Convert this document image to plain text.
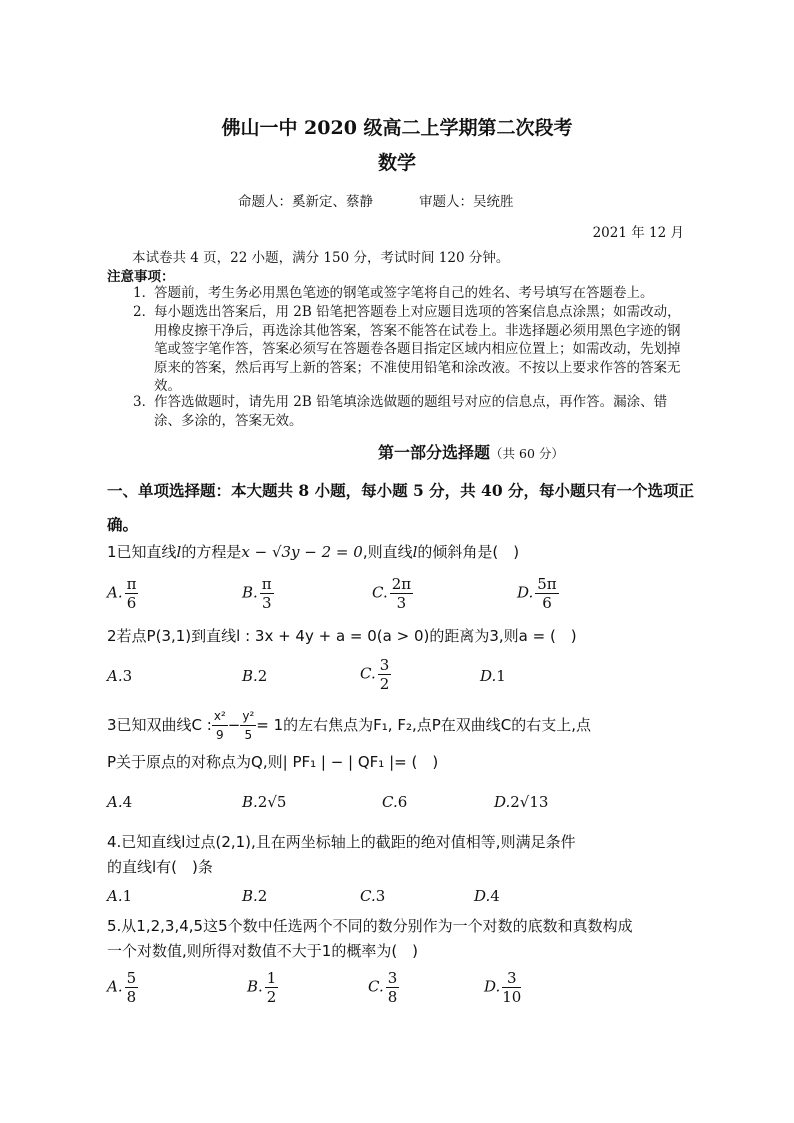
佛山一中 2020 级高二上学期第二次段考
数学
命题人：奚新定、蔡静	审题人：吴统胜
2021 年 12 月
本试卷共 4 页，22 小题，满分 150 分，考试时间 120 分钟。
注意事项：
1．
答题前，考生务必用黑色笔迹的钢笔或签字笔将自己的姓名、考号填写在答题卷上。
2．
每小题选出答案后，用 2B 铅笔把答题卷上对应题目选项的答案信息点涂黑；如需改动，用橡皮擦干净后，再选涂其他答案，答案不能答在试卷上。非选择题必须用黑色字迹的钢笔或签字笔作答，答案必须写在答题卷各题目指定区域内相应位置上；如需改动，先划掉原来的答案，然后再写上新的答案；不准使用铅笔和涂改液。不按以上要求作答的答案无效。
3．
作答选做题时，请先用 2B 铅笔填涂选做题的题组号对应的信息点，再作答。漏涂、错涂、多涂的，答案无效。
第一部分选择题（共 60 分）
一、单项选择题：本大题共 8 小题，每小题 5 分，共 40 分，每小题只有一个选项正确。
1已知直线l的方程是x − √3y − 2 = 0,则直线l的倾斜角是(　)
A. $\frac{\pi}{6}$	B. $\frac{\pi}{3}$	C. $\frac{2\pi}{3}$	D. $\frac{5\pi}{6}$
2若点P(3,1)到直线l : 3x + 4y + a = 0(a > 0)的距离为3,则a = (　)
A.3	B.2	C. $\frac{3}{2}$	D.1
3已知双曲线C : $\frac{\text{x²}}{9} - \frac{\text{y²}}{5} = 1$的左右焦点为F₁, F₂,点P在双曲线C的右支上,点
P关于原点的对称点为Q,则| PF₁ | − | QF₁ |= (　)
A.4	B.2√5	C.6	D.2√13
4.已知直线l过点(2,1),且在两坐标轴上的截距的绝对值相等,则满足条件
的直线l有(　)条
A.1	B.2	C.3	D.4
5.从1,2,3,4,5这5个数中任选两个不同的数分别作为一个对数的底数和真数构成
一个对数值,则所得对数值不大于1的概率为(　)
A. $\frac{5}{8}$	B. $\frac{1}{2}$	C. $\frac{3}{8}$	D. $\frac{3}{10}$
